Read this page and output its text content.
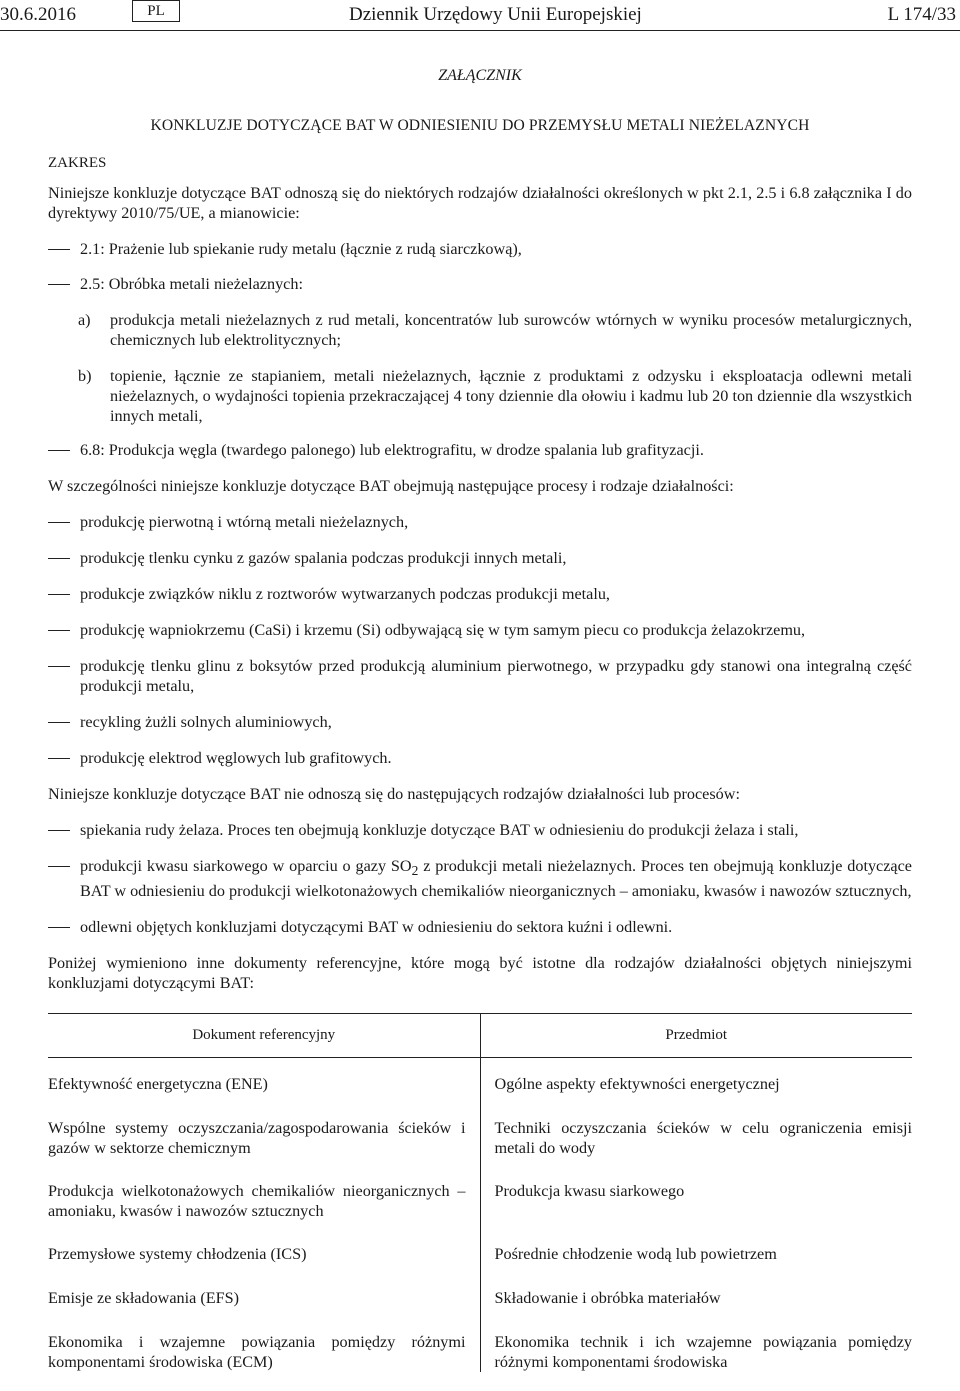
30.6.2016	PL	Dziennik Urzędowy Unii Europejskiej	L 174/33
ZAŁĄCZNIK
KONKLUZJE DOTYCZĄCE BAT W ODNIESIENIU DO PRZEMYSŁU METALI NIEŻELAZNYCH
ZAKRES

Niniejsze konkluzje dotyczące BAT odnoszą się do niektórych rodzajów działalności określonych w pkt 2.1, 2.5 i 6.8 załącznika I do dyrektywy 2010/75/UE, a mianowicie:

2.1: Prażenie lub spiekanie rudy metalu (łącznie z rudą siarczkową),
2.5: Obróbka metali nieżelaznych:
a) produkcja metali nieżelaznych z rud metali, koncentratów lub surowców wtórnych w wyniku procesów metalurgicznych, chemicznych lub elektrolitycznych;
b) topienie, łącznie ze stapianiem, metali nieżelaznych, łącznie z produktami z odzysku i eksploatacja odlewni metali nieżelaznych, o wydajności topienia przekraczającej 4 tony dziennie dla ołowiu i kadmu lub 20 ton dziennie dla wszystkich innych metali,
6.8: Produkcja węgla (twardego palonego) lub elektrografitu, w drodze spalania lub grafityzacji.

W szczególności niniejsze konkluzje dotyczące BAT obejmują następujące procesy i rodzaje działalności:

produkcję pierwotną i wtórną metali nieżelaznych,
produkcję tlenku cynku z gazów spalania podczas produkcji innych metali,
produkcje związków niklu z roztworów wytwarzanych podczas produkcji metalu,
produkcję wapniokrzemu (CaSi) i krzemu (Si) odbywającą się w tym samym piecu co produkcja żelazokrzemu,
produkcję tlenku glinu z boksytów przed produkcją aluminium pierwotnego, w przypadku gdy stanowi ona integralną część produkcji metalu,
recykling żużli solnych aluminiowych,
produkcję elektrod węglowych lub grafitowych.

Niniejsze konkluzje dotyczące BAT nie odnoszą się do następujących rodzajów działalności lub procesów:

spiekania rudy żelaza. Proces ten obejmują konkluzje dotyczące BAT w odniesieniu do produkcji żelaza i stali,
produkcji kwasu siarkowego w oparciu o gazy $SO_2$ z produkcji metali nieżelaznych. Proces ten obejmują konkluzje dotyczące BAT w odniesieniu do produkcji wielkotonażowych chemikaliów nieorganicznych – amoniaku, kwasów i nawozów sztucznych,
odlewni objętych konkluzjami dotyczącymi BAT w odniesieniu do sektora kuźni i odlewni.

Poniżej wymieniono inne dokumenty referencyjne, które mogą być istotne dla rodzajów działalności objętych niniejszymi konkluzjami dotyczącymi BAT:

Dokument referencyjny	Przedmiot
Efektywność energetyczna (ENE)	Ogólne aspekty efektywności energetycznej
Wspólne systemy oczyszczania/zagospodarowania ścieków i gazów w sektorze chemicznym	Techniki oczyszczania ścieków w celu ograniczenia emisji metali do wody
Produkcja wielkotonażowych chemikaliów nieorganicznych – amoniaku, kwasów i nawozów sztucznych	Produkcja kwasu siarkowego
Przemysłowe systemy chłodzenia (ICS)	Pośrednie chłodzenie wodą lub powietrzem
Emisje ze składowania (EFS)	Składowanie i obróbka materiałów
Ekonomika i wzajemne powiązania pomiędzy różnymi komponentami środowiska (ECM)	Ekonomika technik i ich wzajemne powiązania pomiędzy różnymi komponentami środowiska
